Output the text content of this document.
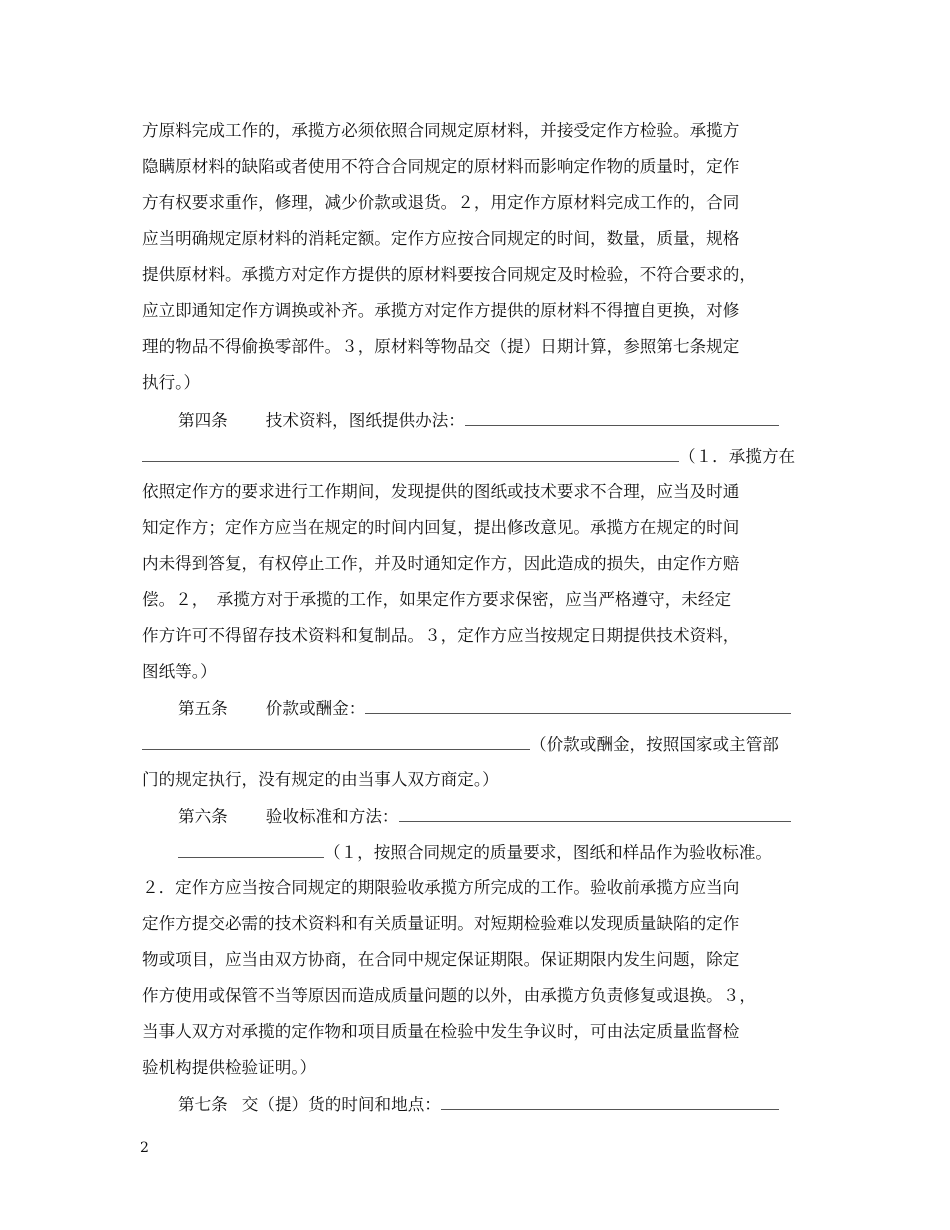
方原料完成工作的，承揽方必须依照合同规定原材料，并接受定作方检验。承揽方
隐瞒原材料的缺陷或者使用不符合合同规定的原材料而影响定作物的质量时，定作
方有权要求重作，修理，减少价款或退货。２，用定作方原材料完成工作的，合同
应当明确规定原材料的消耗定额。定作方应按合同规定的时间，数量，质量，规格
提供原材料。承揽方对定作方提供的原材料要按合同规定及时检验，不符合要求的，
应立即通知定作方调换或补齐。承揽方对定作方提供的原材料不得擅自更换，对修
理的物品不得偷换零部件。３，原材料等物品交（提）日期计算，参照第七条规定
执行。）
第四条 技术资料，图纸提供办法：
（１．承揽方在
依照定作方的要求进行工作期间，发现提供的图纸或技术要求不合理，应当及时通
知定作方；定作方应当在规定的时间内回复，提出修改意见。承揽方在规定的时间
内未得到答复，有权停止工作，并及时通知定作方，因此造成的损失，由定作方赔
偿。２，　承揽方对于承揽的工作，如果定作方要求保密，应当严格遵守，未经定
作方许可不得留存技术资料和复制品。３，定作方应当按规定日期提供技术资料，
图纸等。）
第五条 价款或酬金：
（价款或酬金，按照国家或主管部
门的规定执行，没有规定的由当事人双方商定。）
第六条 验收标准和方法：
（１，按照合同规定的质量要求，图纸和样品作为验收标准。
２．定作方应当按合同规定的期限验收承揽方所完成的工作。验收前承揽方应当向
定作方提交必需的技术资料和有关质量证明。对短期检验难以发现质量缺陷的定作
物或项目，应当由双方协商，在合同中规定保证期限。保证期限内发生问题，除定
作方使用或保管不当等原因而造成质量问题的以外，由承揽方负责修复或退换。３，
当事人双方对承揽的定作物和项目质量在检验中发生争议时，可由法定质量监督检
验机构提供检验证明。）
第七条 交（提）货的时间和地点：
2
